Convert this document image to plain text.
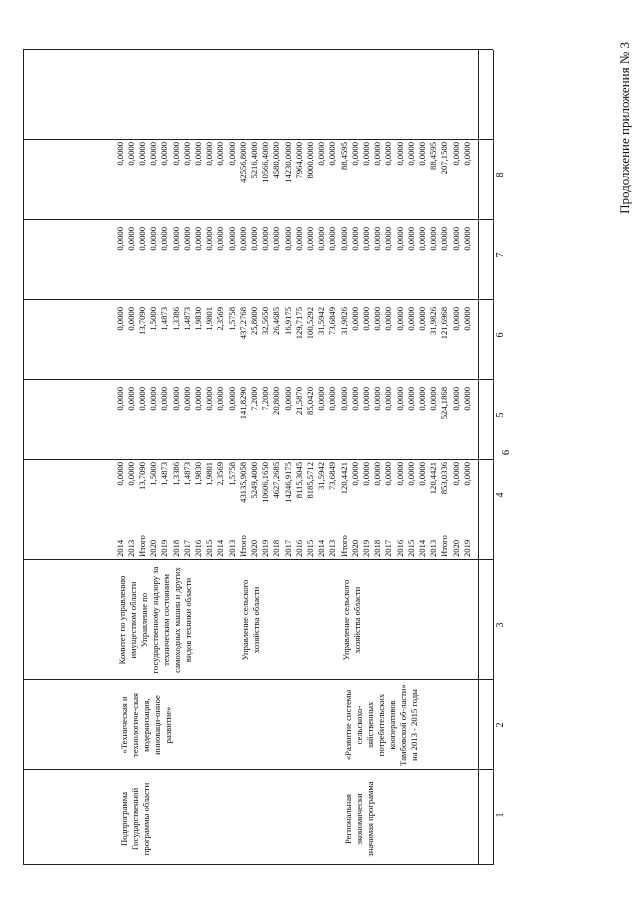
6
Продолжение приложения № 3
1
2
3
4
5
6
7
8
2019
0,0000
0,0000
0,0000
0,0000
0,0000
2020
0,0000
0,0000
0,0000
0,0000
0,0000
Итого
853,0336
524,1868
121,6968
0,0000
207,1500
2013
120,4421
0,0000
31,9826
0,0000
88,4595
2014
0,0000
0,0000
0,0000
0,0000
0,0000
2015
0,0000
0,0000
0,0000
0,0000
0,0000
2016
0,0000
0,0000
0,0000
0,0000
0,0000
2017
0,0000
0,0000
0,0000
0,0000
0,0000
2018
0,0000
0,0000
0,0000
0,0000
0,0000
2019
0,0000
0,0000
0,0000
0,0000
0,0000
2020
0,0000
0,0000
0,0000
0,0000
0,0000
Итого
120,4421
0,0000
31,9826
0,0000
88,4595
Управление сельского хозяйства области
Региональная экономически значимая программа
«Развитие системы сельскохо-зяйственных потребительских кооперативов Тамбовской об-ласти» на 2013 - 2015 годы
2013
73,6849
0,0000
73,6849
0,0000
0,0000
2014
31,5942
0,0000
31,5942
0,0000
0,0000
2015
8185,5712
85,0420
100,5292
0,0000
8000,0000
2016
8115,3045
21,5870
129,7175
0,0000
7964,0000
2017
14246,9175
0,0000
16,9175
0,0000
14230,0000
2018
4627,2685
20,8000
26,4685
0,0000
4580,0000
2019
10606,1650
7,2000
32,5650
0,0000
10566,4000
2020
5249,4000
7,2000
25,8000
0,0000
5216,4000
Итого
43135,9058
141,8290
437,2768
0,0000
42556,8000
Управление сельского хозяйства области
2013
1,5758
0,0000
1,5758
0,0000
0,0000
2014
2,3569
0,0000
2,3569
0,0000
0,0000
2015
1,9801
0,0000
1,9801
0,0000
0,0000
2016
1,9830
0,0000
1,9830
0,0000
0,0000
2017
1,4873
0,0000
1,4873
0,0000
0,0000
2018
1,3386
0,0000
1,3386
0,0000
0,0000
2019
1,4873
0,0000
1,4873
0,0000
0,0000
2020
1,5000
0,0000
1,5000
0,0000
0,0000
Итого
13,7090
0,0000
13,7090
0,0000
0,0000
Управление по государственному надзору за техническим состоянием самоходных машин и других видов техники области
2013
0,0000
0,0000
0,0000
0,0000
0,0000
2014
0,0000
0,0000
0,0000
0,0000
0,0000
Комитет по управлению имуществом области
Подпрограмма Государственной программы области
«Техническая и технологиче-ская модернизация, инноваци-онное развитие»
